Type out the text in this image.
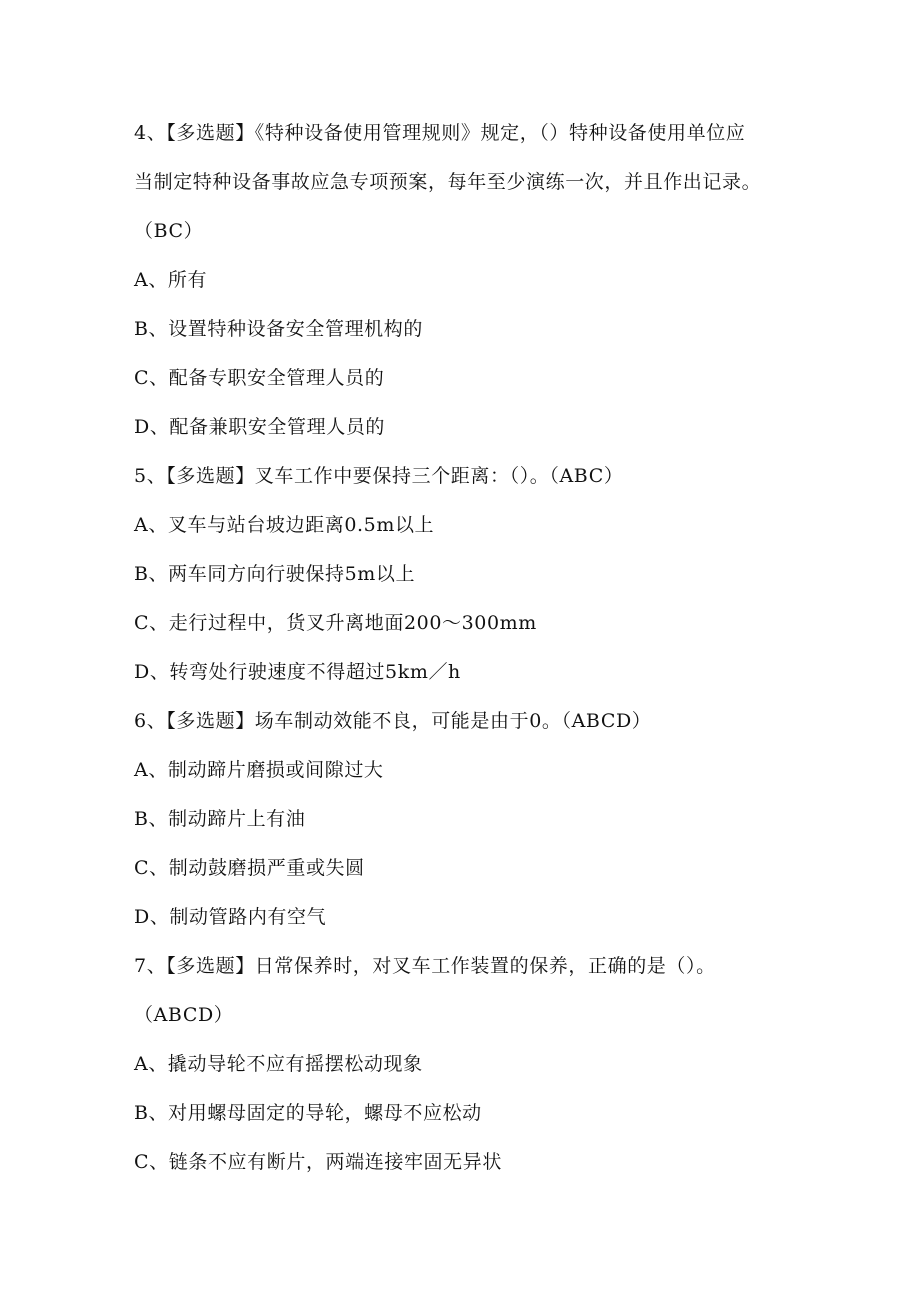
4、【多选题】《特种设备使用管理规则》规定，（）特种设备使用单位应
当制定特种设备事故应急专项预案，每年至少演练一次，并且作出记录。
（BC）
A、所有
B、设置特种设备安全管理机构的
C、配备专职安全管理人员的
D、配备兼职安全管理人员的
5、【多选题】叉车工作中要保持三个距离：（）。（ABC）
A、叉车与站台坡边距离0.5m以上
B、两车同方向行驶保持5m以上
C、走行过程中，货叉升离地面200～300mm
D、转弯处行驶速度不得超过5km／h
6、【多选题】场车制动效能不良，可能是由于0。（ABCD）
A、制动蹄片磨损或间隙过大
B、制动蹄片上有油
C、制动鼓磨损严重或失圆
D、制动管路内有空气
7、【多选题】日常保养时，对叉车工作装置的保养，正确的是（）。
（ABCD）
A、撬动导轮不应有摇摆松动现象
B、对用螺母固定的导轮，螺母不应松动
C、链条不应有断片，两端连接牢固无异状
